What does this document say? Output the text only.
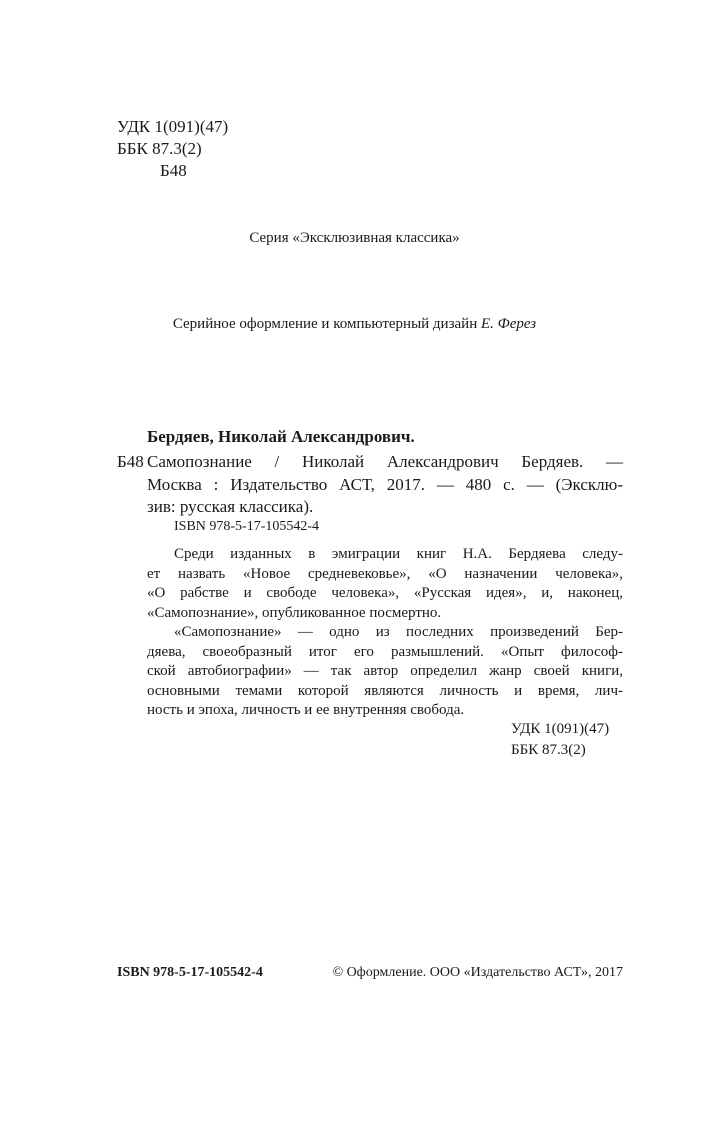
УДК 1(091)(47)
ББК 87.3(2)
Б48
Серия «Эксклюзивная классика»
Серийное оформление и компьютерный дизайн Е. Ферез
Бердяев, Николай Александрович.
Б48 Самопознание / Николай Александрович Бердяев. —
Москва : Издательство АСТ, 2017. — 480 с. — (Эксклю-
зив: русская классика).
ISBN 978-5-17-105542-4
Среди изданных в эмиграции книг Н.А. Бердяева следу-
ет назвать «Новое средневековье», «О назначении человека»,
«О рабстве и свободе человека», «Русская идея», и, наконец,
«Самопознание», опубликованное посмертно.
«Самопознание» — одно из последних произведений Бер-
дяева, своеобразный итог его размышлений. «Опыт философ-
ской автобиографии» — так автор определил жанр своей книги,
основными темами которой являются личность и время, лич-
ность и эпоха, личность и ее внутренняя свобода.
УДК 1(091)(47)
ББК 87.3(2)
ISBN 978-5-17-105542-4	© Оформление. ООО «Издательство АСТ», 2017
